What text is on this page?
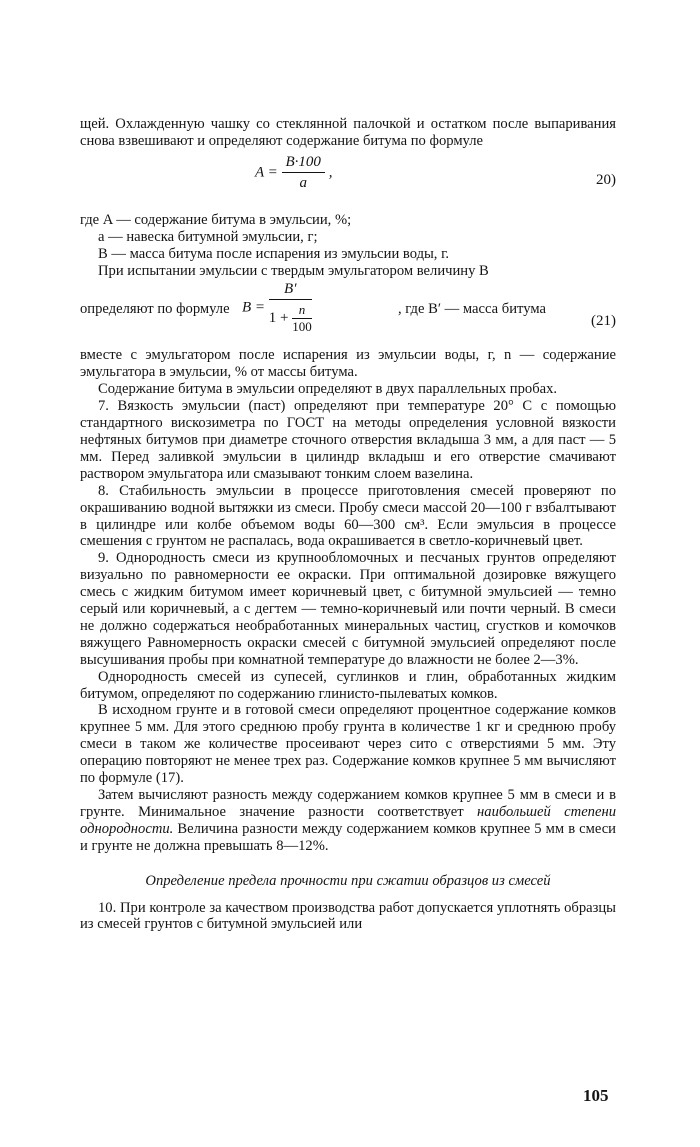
щей. Охлажденную чашку со стеклянной палочкой и остатком после выпаривания снова взвешивают и определяют содержание битума по формуле

$A = \frac{B\cdot 100}{a}$ ,	20)

где A — содержание битума в эмульсии, %;

a — навеска битумной эмульсии, г;

B — масса битума после испарения из эмульсии воды, г.

При испытании эмульсии с твердым эмульгатором величину B

определяют по формуле $B = \frac{B'}{1 + \frac{n}{100}}$	, где B′ — масса битума
(21)

вместе с эмульгатором после испарения из эмульсии воды, г, n — содержание эмульгатора в эмульсии, % от массы битума.

Содержание битума в эмульсии определяют в двух параллельных пробах.

7. Вязкость эмульсии (паст) определяют при температуре 20° С с помощью стандартного вискозиметра по ГОСТ на методы определения условной вязкости нефтяных битумов при диаметре сточного отверстия вкладыша 3 мм, а для паст — 5 мм. Перед заливкой эмульсии в цилиндр вкладыш и его отверстие смачивают раствором эмульгатора или смазывают тонким слоем вазелина.

8. Стабильность эмульсии в процессе приготовления смесей проверяют по окрашиванию водной вытяжки из смеси. Пробу смеси массой 20—100 г взбалтывают в цилиндре или колбе объемом воды 60—300 см³. Если эмульсия в процессе смешения с грунтом не распалась, вода окрашивается в светло-коричневый цвет.

9. Однородность смеси из крупнообломочных и песчаных грунтов определяют визуально по равномерности ее окраски. При оптимальной дозировке вяжущего смесь с жидким битумом имеет коричневый цвет, с битумной эмульсией — темно серый или коричневый, а с дегтем — темно-коричневый или почти черный. В смеси не должно содержаться необработанных минеральных частиц, сгустков и комочков вяжущего Равномерность окраски смесей с битумной эмульсией определяют после высушивания пробы при комнатной температуре до влажности не более 2—3%.

Однородность смесей из супесей, суглинков и глин, обработанных жидким битумом, определяют по содержанию глинисто-пылеватых комков.

В исходном грунте и в готовой смеси определяют процентное содержание комков крупнее 5 мм. Для этого среднюю пробу грунта в количестве 1 кг и среднюю пробу смеси в таком же количестве просеивают через сито с отверстиями 5 мм. Эту операцию повторяют не менее трех раз. Содержание комков крупнее 5 мм вычисляют по формуле (17).

Затем вычисляют разность между содержанием комков крупнее 5 мм в смеси и в грунте. Минимальное значение разности соответствует наибольшей степени однородности. Величина разности между содержанием комков крупнее 5 мм в смеси и грунте не должна превышать 8—12%.

Определение предела прочности при сжатии образцов из смесей

10. При контроле за качеством производства работ допускается уплотнять образцы из смесей грунтов с битумной эмульсией или

105
